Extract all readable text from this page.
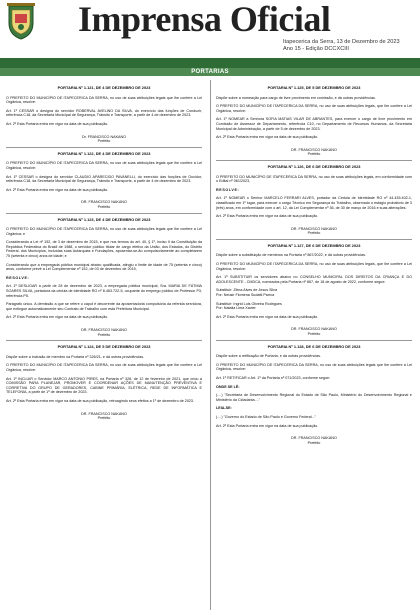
Imprensa Oficial
Itapecerica da Serra, 13 de Dezembro de 2023
Ano 15 - Edição DCCXCIII
PORTARIAS
PORTARIA Nº 1.121, DE 4 DE DEZEMBRO DE 2023
O PREFEITO DO MUNICÍPIO DE ITAPECERICA DA SERRA, no uso de suas atribuições legais que lhe confere a Lei Orgânica, resolve:
Art. 1º CESSAR o designa do servidor ROBERVAL AVELINO DA SILVA, do exercício das funções de Conduzir, referência C18, da Secretaria Municipal de Segurança, Trânsito e Transporte, a partir de 4 de dezembro de 2023.
Art. 2º Esta Portaria entra em vigor na data de sua publicação.
Dr. FRANCISCO NAKANO
Prefeito
PORTARIA Nº 1.122, DE 4 DE DEZEMBRO DE 2023
O PREFEITO DO MUNICÍPIO DE ITAPECERICA DA SERRA, no uso de suas atribuições legais que lhe confere a Lei Orgânica, resolve:
Art. 1º CESSAR o designa do servidor CLAUDIO APARECIDO PAVANELLI, do exercício das funções de Ouvidor, referência C18, da Secretaria Municipal de Segurança, Trânsito e Transporte, a partir de 4 de dezembro de 2023.
Art. 2º Esta Portaria entra em vigor na data de sua publicação.
DR. FRANCISCO NAKANO
Prefeito
PORTARIA Nº 1.123, DE 4 DE DEZEMBRO DE 2023
O PREFEITO DO MUNICÍPIO DE ITAPECERICA DA SERRA, no uso de suas atribuições legais que lhe confere a Lei Orgânica; e
Considerando a Lei nº 152, de 3 de dezembro de 2015, e que nos termos do art. 40, § 1º, inciso II da Constituição da República Federativa do Brasil de 1988, o servidor público titular de cargo efetivo da União, dos Estados, do Distrito Federal, dos Municípios, incluídas suas Autarquias e Fundações, aposentar-se-ão compulsoriamente ao completarem 75 (setenta e cinco) anos de idade; e
Considerando que a empregada pública municipal abaixo qualificada, atingiu o limite de idade de 75 (setenta e cinco) anos, conforme prevê a Lei Complementar nº 152, de 03 de dezembro de 2015,
RESOLVE:
Art. 1º DESLIGAR a partir de 28 de dezembro de 2023, a empregada pública municipal, Sra. MARIA DE FÁTIMA SOARES SILVA, portadora da cédula de identidade RG nº 8.463.722-5, ocupante do emprego público de Professor P3, referência P5.
Parágrafo único. A demissão a que se refere o caput é decorrente da aposentadoria compulsória da referida servidora, que extingue automaticamente seu Contrato de Trabalho com esta Prefeitura Municipal.
Art. 2º Esta Portaria entra em vigor na data de sua publicação.
DR. FRANCISCO NAKANO
Prefeito
PORTARIA Nº 1.124, DE 5 DE DEZEMBRO DE 2023
Dispõe sobre a inclusão de membro na Portaria nº 326/21, e dá outras providências.
O PREFEITO DO MUNICÍPIO DE ITAPECERICA DA SERRA, no uso de suas atribuições legais que lhe confere a Lei Orgânica, resolve:
Art. 1º INCLUIR o Servidor MARCO ANTONIO PIRES, na Portaria nº 326, de 12 de fevereiro de 2021, que criou a COMISSÃO PARA PLANEJAR, PROMOVER E COORDENAR AÇÕES DE MANUTENÇÃO PREVENTIVA E CORRETIVA DO GRUPO DE GERADORES, CABINE PRIMÁRIA, ELÉTRICA, REDE DE INFORMÁTICA E TELEFONIA, a partir de 1º de dezembro de 2023.
Art. 2º Esta Portaria entra em vigor na data de sua publicação, retroagindo seus efeitos a 1º de dezembro de 2023.
DR. FRANCISCO NAKANO
Prefeito
PORTARIA Nº 1.125, DE 5 DE DEZEMBRO DE 2023
Dispõe sobre a nomeação para cargo de livre provimento em comissão, e dá outras providências.
O PREFEITO DO MUNICÍPIO DE ITAPECERICA DA SERRA, no uso de suas atribuições legais, que lhe confere a Lei Orgânica, resolve:
Art. 1º NOMEAR a Senhora SOFIA MATIAS VILAR DE ABRANTES, para exercer o cargo de livre provimento em Comissão de Assessor de Departamento, referência C10, no Departamento de Recursos Humanos, da Secretaria Municipal de Administração, a partir de 5 de dezembro de 2023.
Art. 2º Esta Portaria entra em vigor na data de sua publicação.
DR. FRANCISCO NAKANO
Prefeito
PORTARIA Nº 1.126, DE 6 DE DEZEMBRO DE 2023
O PREFEITO DO MUNICÍPIO DE ITAPECERICA DA SERRA, no uso de suas atribuições legais, em conformidade com o Edital nº 061/2023,
RESOLVE:
Art. 1º NOMEAR o Senhor MARCELO FERRARI ALVES, portador da Cédula de Identidade RG nº 44.435.402-1, classificado em 1º lugar, para exercer o cargo Técnico em Segurança do Trabalho, observado o estágio probatório de 3 (três) anos, em conformidade com o art. 12, da Lei Complementar nº 36, de 30 de março de 2016 e suas alterações.
Art. 2º Esta Portaria entra em vigor na data de sua publicação.
DR. FRANCISCO NAKANO
Prefeito
PORTARIA Nº 1.127, DE 6 DE DEZEMBRO DE 2023
Dispõe sobre a substituição de membros na Portaria nº 867/2022, e dá outras providências.
O PREFEITO DO MUNICÍPIO DE ITAPECERICA DA SERRA, no uso de suas atribuições legais, que lhe confere a Lei Orgânica, resolve:
Art. 1º SUBSTITUIR os servidores abaixo no CONSELHO MUNICIPAL DOS DIREITOS DA CRIANÇA E DO ADOLESCENTE - CMDCA, nomeados pela Portaria nº 867, de 18 de agosto de 2022, conforme segue:
Substituir: Zilma Alves de Jesus Silva
Por: Neusir Flomena Sudatti Parrca
Substituir: Ingrid Luis Oliveira Rodrigues
Por: Natalia Lima Xavier
Art. 2º Esta Portaria entra em vigor na data de sua publicação.
DR. FRANCISCO NAKANO
Prefeito
PORTARIA Nº 1.128, DE 6 DE DEZEMBRO DE 2023
Dispõe sobre a retificação de Portaria, e dá outras providências.
O PREFEITO DO MUNICÍPIO DE ITAPECERICA DA SERRA, no uso de suas atribuições legais que lhe confere a Lei Orgânica, resolve:
Art. 1º RETIFICAR o Art. 1º da Portaria nº 071/2023, conforme segue:
ONDE SE LÊ:
(....) "Secretaria de Desenvolvimento Regional do Estado de São Paulo, Ministério do Desenvolvimento Regional e Ministério da Cidadania...."
LEIA-SE:
(....) "Governo do Estado de São Paulo e Governo Federal..."
Art. 2º Esta Portaria entra em vigor na data de sua publicação.
DR. FRANCISCO NAKANO
Prefeito
